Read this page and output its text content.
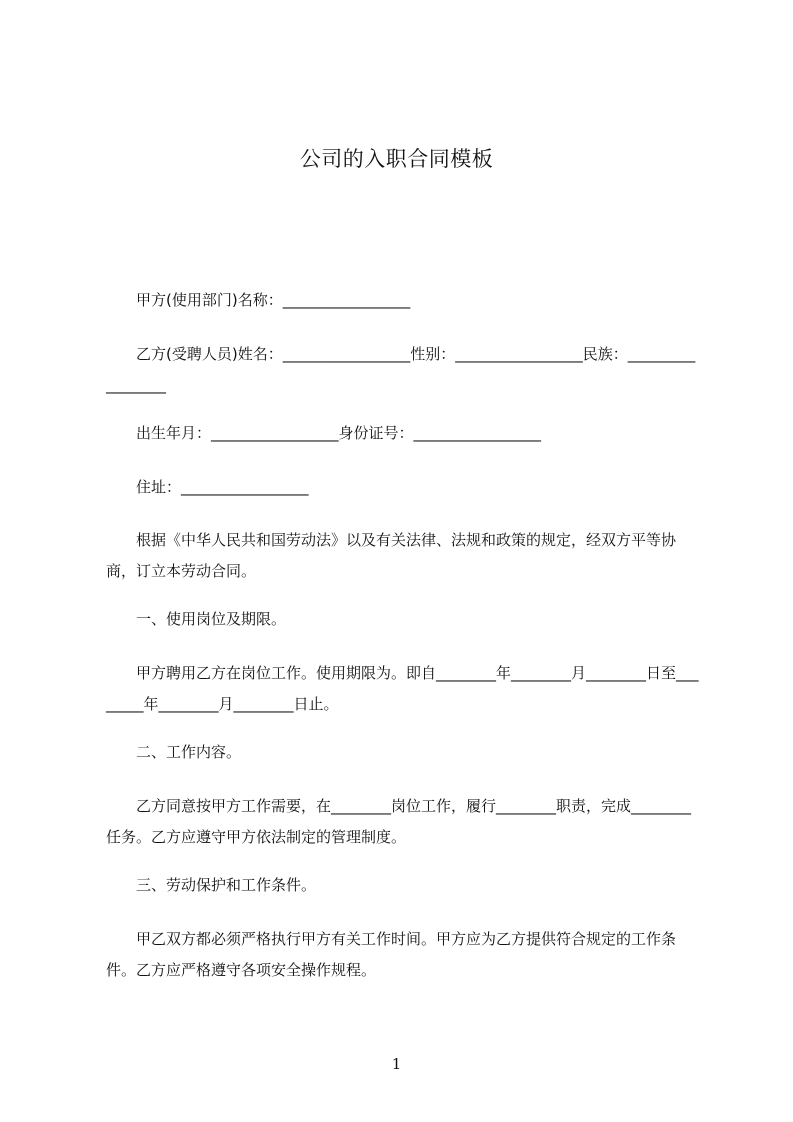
公司的入职合同模板
甲方(使用部门)名称：_________________
乙方(受聘人员)姓名：_________________性别：_________________民族：_________________
出生年月：_________________身份证号：_________________
住址：_________________
根据《中华人民共和国劳动法》以及有关法律、法规和政策的规定，经双方平等协商，订立本劳动合同。
一、使用岗位及期限。
甲方聘用乙方在岗位工作。使用期限为。即自________年________月________日至________年________月________日止。
二、工作内容。
乙方同意按甲方工作需要，在________岗位工作，履行________职责，完成________任务。乙方应遵守甲方依法制定的管理制度。
三、劳动保护和工作条件。
甲乙双方都必须严格执行甲方有关工作时间。甲方应为乙方提供符合规定的工作条件。乙方应严格遵守各项安全操作规程。
1
